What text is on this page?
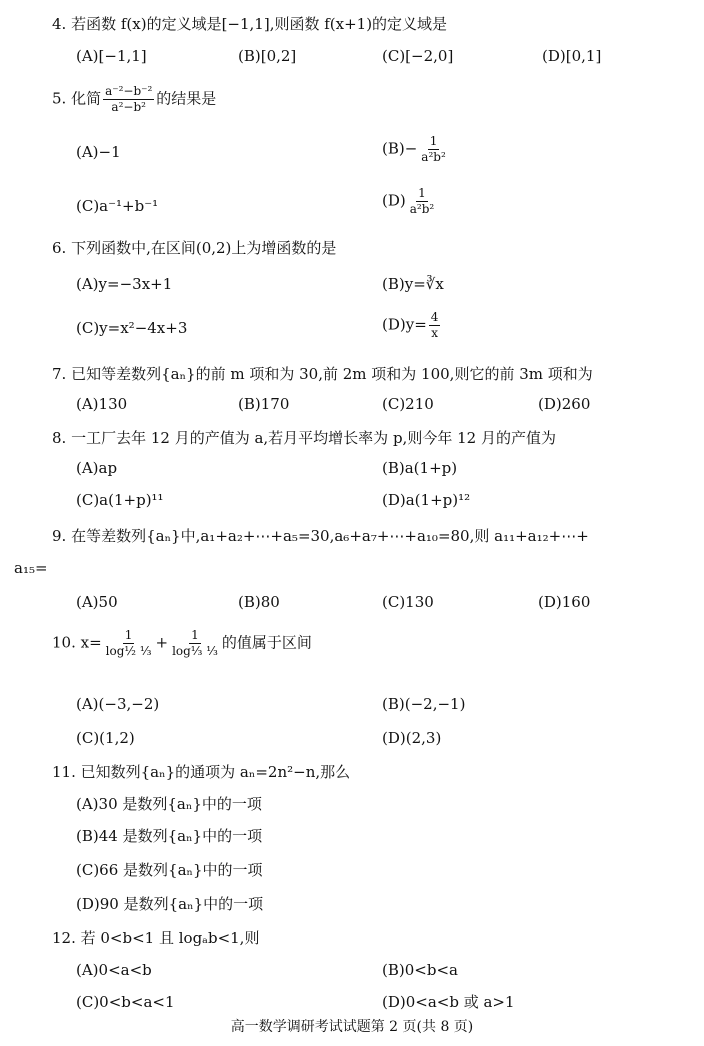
4. 若函数 f(x)的定义域是[−1,1],则函数 f(x+1)的定义域是
(A)[−1,1]	(B)[0,2]	(C)[−2,0]	(D)[0,1]
5. 化简 $\frac{\text{a⁻²−b⁻²}}{\text{a²−b²}}$ 的结果是
(A)−1	$(B)- \frac{1}{\text{a²b²}}$
(C)a⁻¹+b⁻¹	$(D) \frac{1}{\text{a²b²}}$
6. 下列函数中,在区间(0,2)上为增函数的是
(A)y=−3x+1	(B)y=∛x
(C)y=x²−4x+3	$(D)y= \frac{4}{x}$
7. 已知等差数列{aₙ}的前 m 项和为 30,前 2m 项和为 100,则它的前 3m 项和为
(A)130	(B)170	(C)210	(D)260
8. 一工厂去年 12 月的产值为 a,若月平均增长率为 p,则今年 12 月的产值为
(A)ap	(B)a(1+p)
(C)a(1+p)¹¹	(D)a(1+p)¹²
9. 在等差数列{aₙ}中,a₁+a₂+⋯+a₅=30,a₆+a₇+⋯+a₁₀=80,则 a₁₁+a₁₂+⋯+
a₁₅=
(A)50	(B)80	(C)130	(D)160
10. $x= \frac{1}{\text{log½ ⅓}} + \frac{1}{\text{log⅓ ⅓}}$ 的值属于区间
(A)(−3,−2)	(B)(−2,−1)
(C)(1,2)	(D)(2,3)
11. 已知数列{aₙ}的通项为 aₙ=2n²−n,那么
(A)30 是数列{aₙ}中的一项
(B)44 是数列{aₙ}中的一项
(C)66 是数列{aₙ}中的一项
(D)90 是数列{aₙ}中的一项
12. 若 0<b<1 且 logₐb<1,则
(A)0<a<b	(B)0<b<a
(C)0<b<a<1	(D)0<a<b 或 a>1
高一数学调研考试试题第 2 页(共 8 页)
